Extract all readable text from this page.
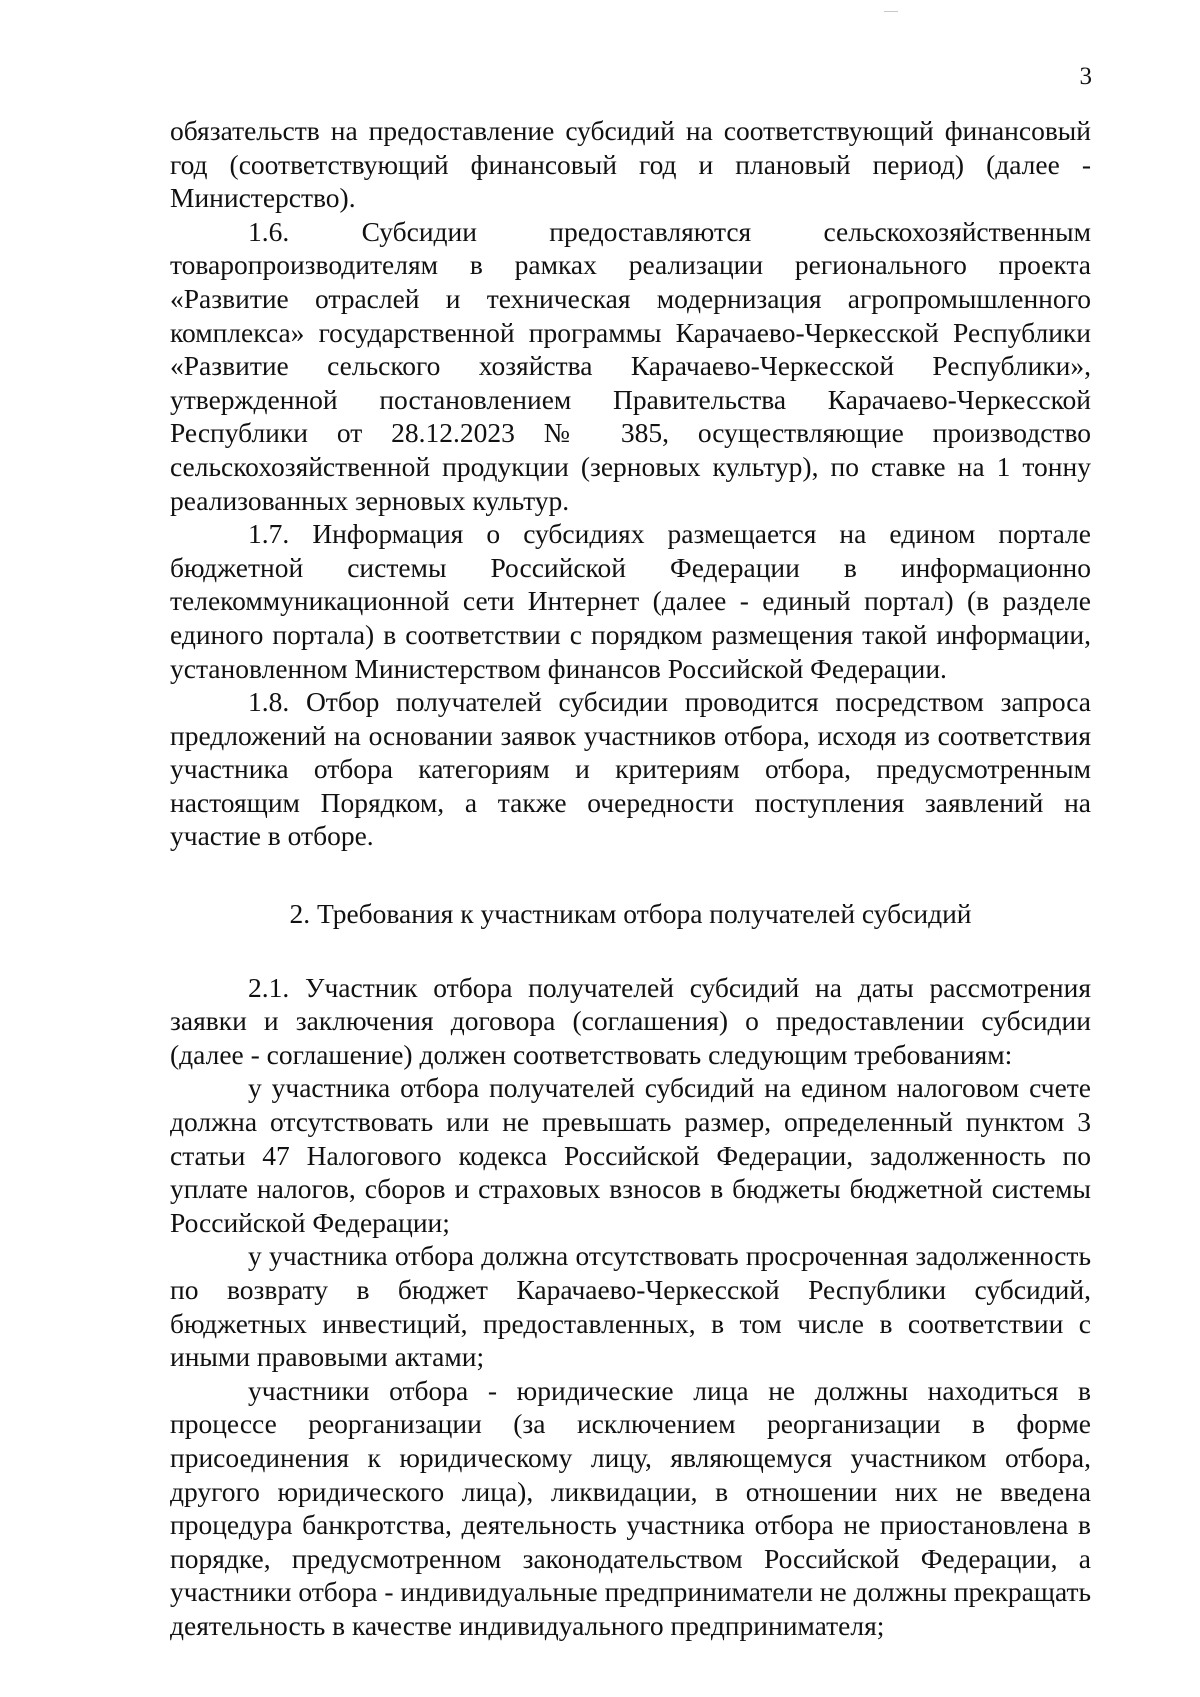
3

обязательств на предоставление субсидий на соответствующий финансовый год (соответствующий финансовый год и плановый период) (далее - Министерство).

1.6. Субсидии предоставляются сельскохозяйственным товаропроизводителям в рамках реализации регионального проекта «Развитие отраслей и техническая модернизация агропромышленного комплекса» государственной программы Карачаево-Черкесской Республики «Развитие сельского хозяйства Карачаево-Черкесской Республики», утвержденной постановлением Правительства Карачаево-Черкесской Республики от 28.12.2023 № 385, осуществляющие производство сельскохозяйственной продукции (зерновых культур), по ставке на 1 тонну реализованных зерновых культур.

1.7. Информация о субсидиях размещается на едином портале бюджетной системы Российской Федерации в информационно телекоммуникационной сети Интернет (далее - единый портал) (в разделе единого портала) в соответствии с порядком размещения такой информации, установленном Министерством финансов Российской Федерации.

1.8. Отбор получателей субсидии проводится посредством запроса предложений на основании заявок участников отбора, исходя из соответствия участника отбора категориям и критериям отбора, предусмотренным настоящим Порядком, а также очередности поступления заявлений на участие в отборе.

2. Требования к участникам отбора получателей субсидий

2.1. Участник отбора получателей субсидий на даты рассмотрения заявки и заключения договора (соглашения) о предоставлении субсидии (далее - соглашение) должен соответствовать следующим требованиям:

у участника отбора получателей субсидий на едином налоговом счете должна отсутствовать или не превышать размер, определенный пунктом 3 статьи 47 Налогового кодекса Российской Федерации, задолженность по уплате налогов, сборов и страховых взносов в бюджеты бюджетной системы Российской Федерации;

у участника отбора должна отсутствовать просроченная задолженность по возврату в бюджет Карачаево-Черкесской Республики субсидий, бюджетных инвестиций, предоставленных, в том числе в соответствии с иными правовыми актами;

участники отбора - юридические лица не должны находиться в процессе реорганизации (за исключением реорганизации в форме присоединения к юридическому лицу, являющемуся участником отбора, другого юридического лица), ликвидации, в отношении них не введена процедура банкротства, деятельность участника отбора не приостановлена в порядке, предусмотренном законодательством Российской Федерации, а участники отбора - индивидуальные предприниматели не должны прекращать деятельность в качестве индивидуального предпринимателя;
